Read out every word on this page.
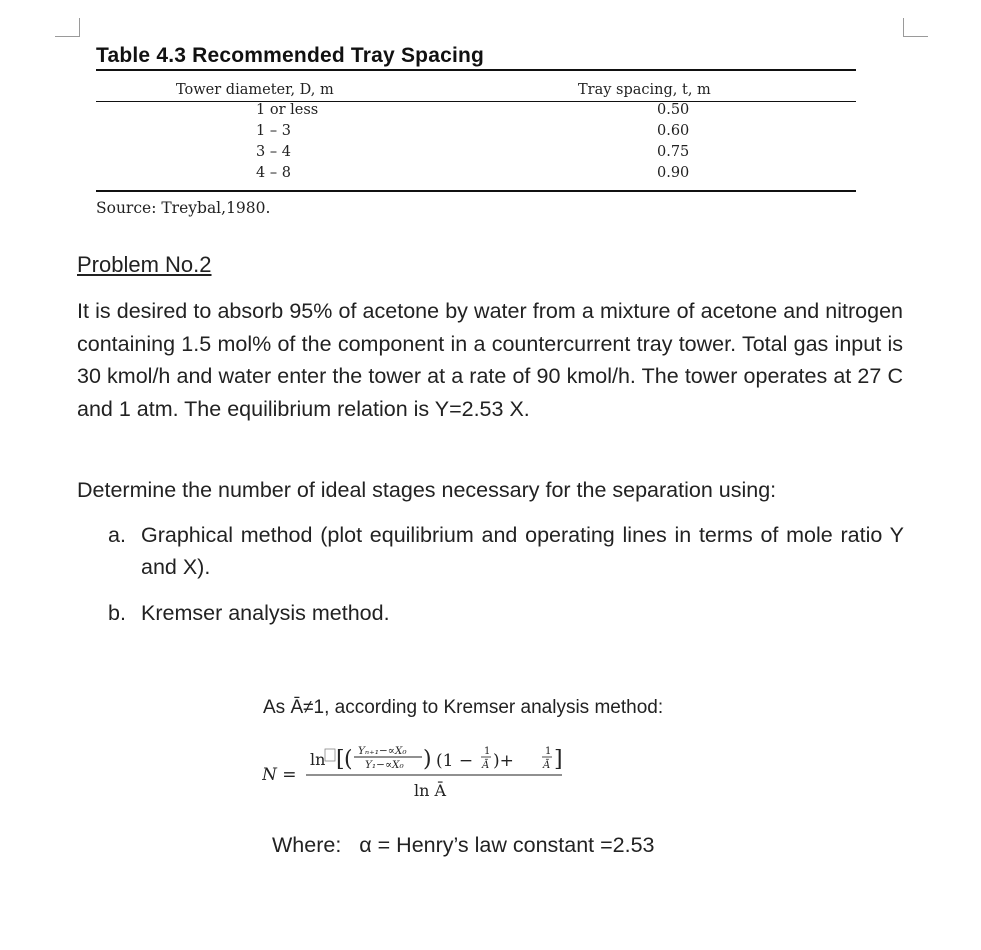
Table 4.3 Recommended Tray Spacing
Tower diameter, D, m	Tray spacing, t, m
1 or less	0.50
1 – 3	0.60
3 – 4	0.75
4 – 8	0.90
Source: Treybal,1980.
Problem No.2

It is desired to absorb 95% of acetone by water from a mixture of acetone and nitrogen containing 1.5 mol% of the component in a countercurrent tray tower. Total gas input is 30 kmol/h and water enter the tower at a rate of 90 kmol/h. The tower operates at 27 C and 1 atm. The equilibrium relation is Y=2.53 X.

Determine the number of ideal stages necessary for the separation using:

a. Graphical method (plot equilibrium and operating lines in terms of mole ratio Y and X).
b. Kremser analysis method.
As Ā≠1, according to Kremser analysis method:
N =
ln [ ( Yₙ₊₁−∝X₀
Y₁−∝X₀ ) (1 − 1
Ā )+	1
Ā ]
ln Ā
Where: α = Henry’s law constant =2.53
